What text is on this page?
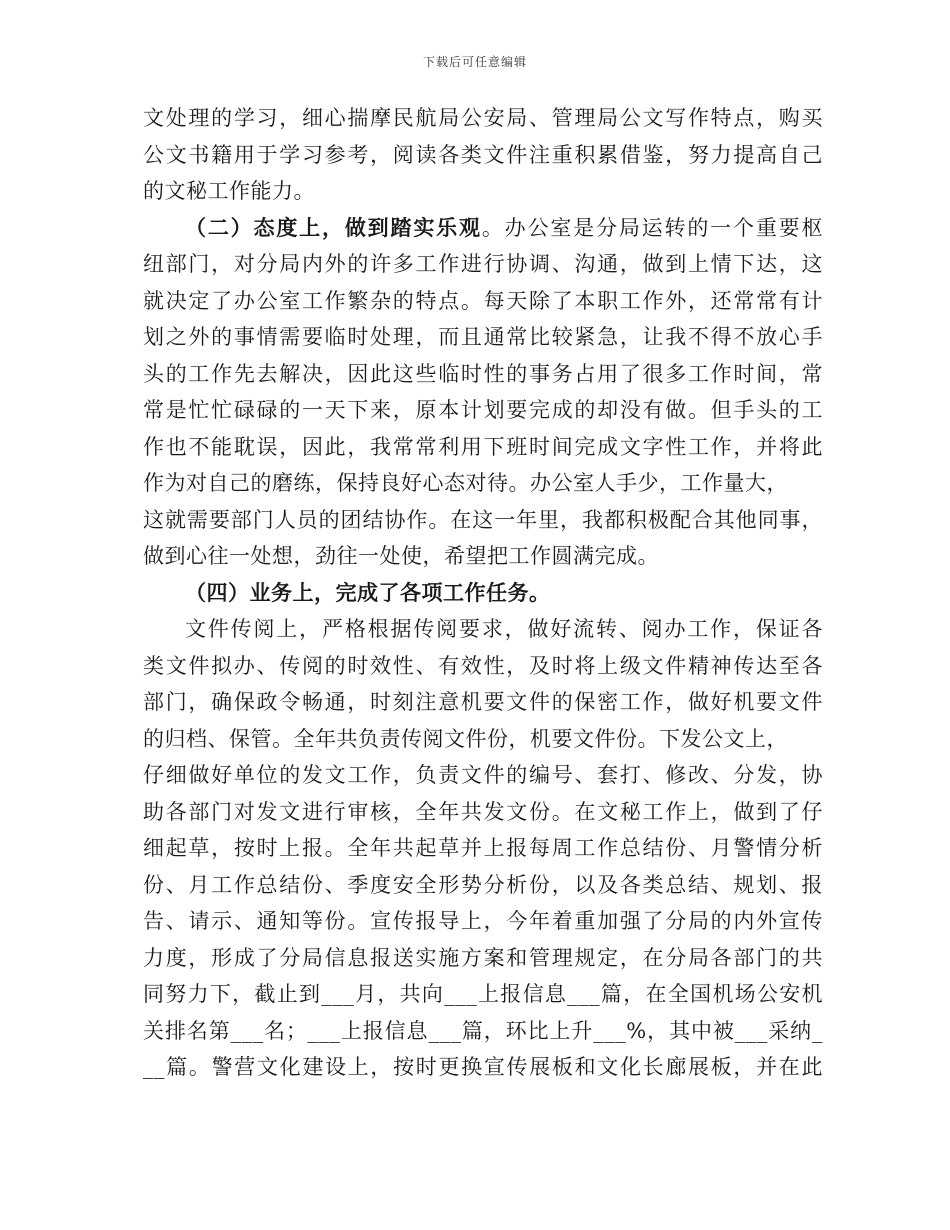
下载后可任意编辑
文处理的学习，细心揣摩民航局公安局、管理局公文写作特点，购买
公文书籍用于学习参考，阅读各类文件注重积累借鉴，努力提高自己
的文秘工作能力。
（二）态度上，做到踏实乐观。办公室是分局运转的一个重要枢
纽部门，对分局内外的许多工作进行协调、沟通，做到上情下达，这
就决定了办公室工作繁杂的特点。每天除了本职工作外，还常常有计
划之外的事情需要临时处理，而且通常比较紧急，让我不得不放心手
头的工作先去解决，因此这些临时性的事务占用了很多工作时间，常
常是忙忙碌碌的一天下来，原本计划要完成的却没有做。但手头的工
作也不能耽误，因此，我常常利用下班时间完成文字性工作，并将此
作为对自己的磨练，保持良好心态对待。办公室人手少，工作量大，
这就需要部门人员的团结协作。在这一年里，我都积极配合其他同事，
做到心往一处想，劲往一处使，希望把工作圆满完成。
（四）业务上，完成了各项工作任务。
文件传阅上，严格根据传阅要求，做好流转、阅办工作，保证各
类文件拟办、传阅的时效性、有效性，及时将上级文件精神传达至各
部门，确保政令畅通，时刻注意机要文件的保密工作，做好机要文件
的归档、保管。全年共负责传阅文件份，机要文件份。下发公文上，
仔细做好单位的发文工作，负责文件的编号、套打、修改、分发，协
助各部门对发文进行审核，全年共发文份。在文秘工作上，做到了仔
细起草，按时上报。全年共起草并上报每周工作总结份、月警情分析
份、月工作总结份、季度安全形势分析份，以及各类总结、规划、报
告、请示、通知等份。宣传报导上，今年着重加强了分局的内外宣传
力度，形成了分局信息报送实施方案和管理规定，在分局各部门的共
同努力下，截止到___月，共向___上报信息___篇，在全国机场公安机
关排名第___名；___上报信息___篇，环比上升___%，其中被___采纳_
__篇。警营文化建设上，按时更换宣传展板和文化长廊展板，并在此
